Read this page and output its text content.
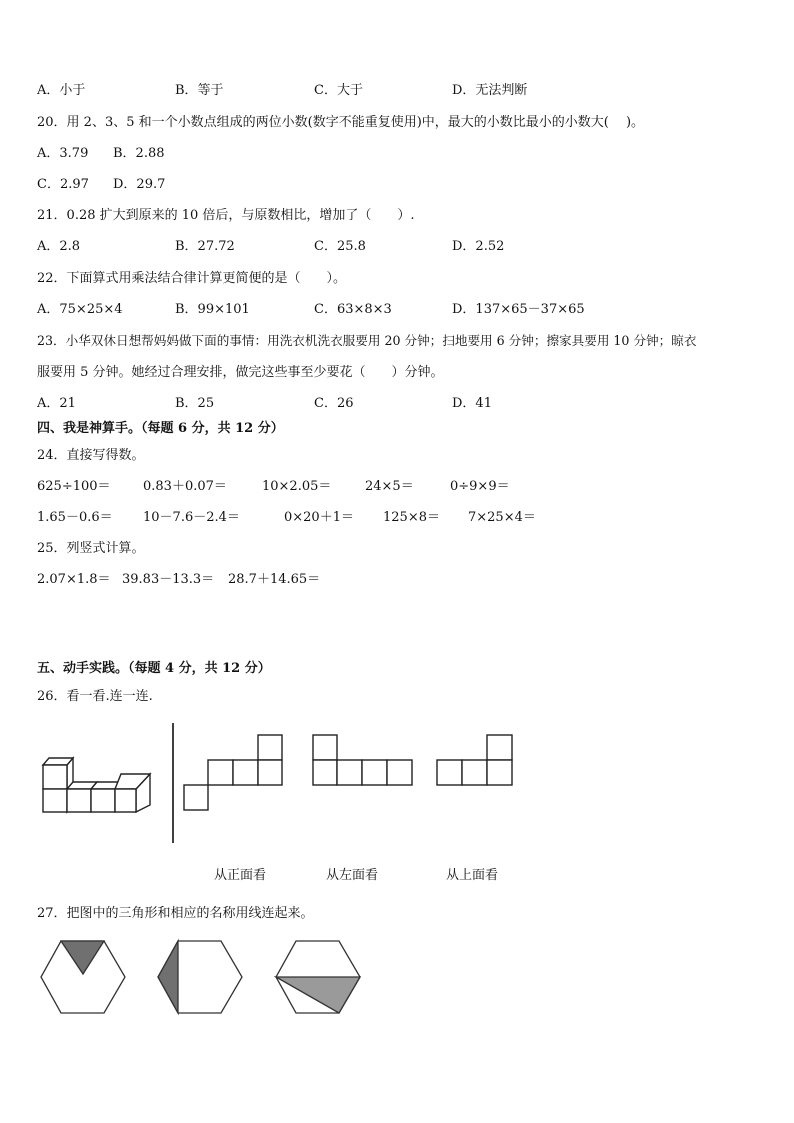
A．小于	B．等于	C．大于	D．无法判断
20．用 2、3、5 和一个小数点组成的两位小数(数字不能重复使用)中，最大的小数比最小的小数大(　 )。
A．3.79 B．2.88
C．2.97 D．29.7
21．0.28 扩大到原来的 10 倍后，与原数相比，增加了（　　）.
A．2.8	B．27.72	C．25.8	D．2.52
22．下面算式用乘法结合律计算更简便的是（　　）。
A．75×25×4	B．99×101	C．63×8×3	D．137×65－37×65
23．小华双休日想帮妈妈做下面的事情：用洗衣机洗衣服要用 20 分钟；扫地要用 6 分钟；擦家具要用 10 分钟；晾衣
服要用 5 分钟。她经过合理安排，做完这些事至少要花（　　）分钟。
A．21	B．25	C．26	D．41
四、我是神算手。（每题 6 分，共 12 分）
24．直接写得数。
625÷100＝ 0.83＋0.07＝	10×2.05＝	24×5＝	0÷9×9＝
1.65－0.6＝ 10－7.6－2.4＝	0×20＋1＝ 125×8＝ 7×25×4＝
25．列竖式计算。
2.07×1.8＝ 39.83－13.3＝ 28.7＋14.65＝
五、动手实践。（每题 4 分，共 12 分）
26．看一看.连一连.
从正面看	从左面看	从上面看
27．把图中的三角形和相应的名称用线连起来。
